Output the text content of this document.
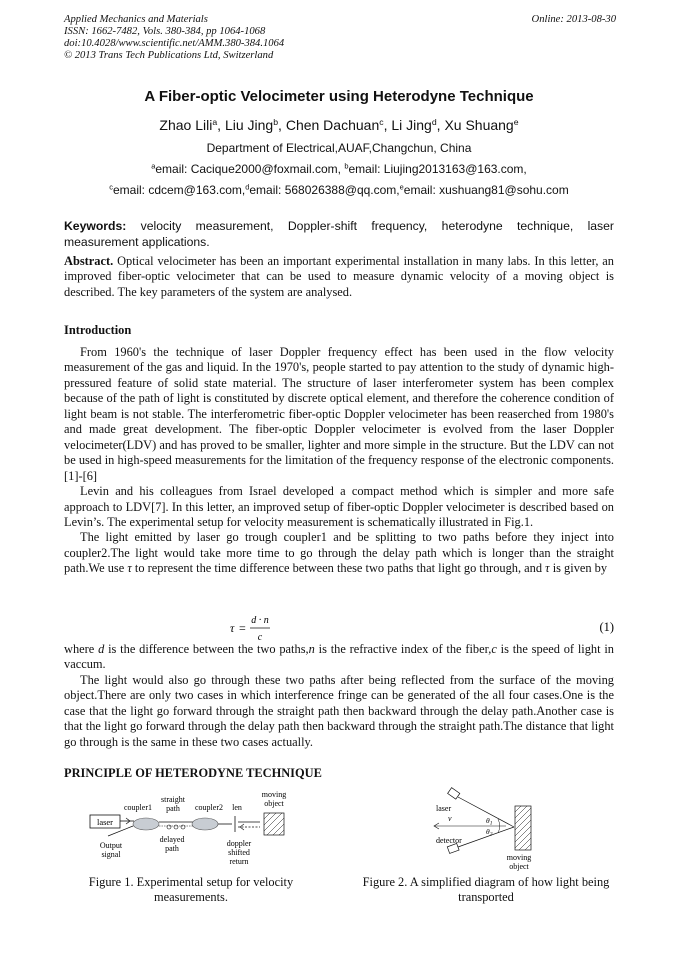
Applied Mechanics and Materials
ISSN: 1662-7482, Vols. 380-384, pp 1064-1068
doi:10.4028/www.scientific.net/AMM.380-384.1064
© 2013 Trans Tech Publications Ltd, Switzerland
Online: 2013-08-30
A Fiber-optic Velocimeter using Heterodyne Technique
Zhao Lili$^a$, Liu Jing$^b$, Chen Dachuan$^c$, Li Jing$^d$, Xu Shuang$^e$
Department of Electrical,AUAF,Changchun, China
$^a$email: Cacique2000@foxmail.com, $^b$email: Liujing2013163@163.com,
$^c$email: cdcem@163.com,$^d$email: 568026388@qq.com,$^e$email: xushuang81@sohu.com
Keywords: velocity measurement, Doppler-shift frequency, heterodyne technique, laser measurement applications.
Abstract. Optical velocimeter has been an important experimental installation in many labs. In this letter, an improved fiber-optic velocimeter that can be used to measure dynamic velocity of a moving object is described. The key parameters of the system are analysed.
Introduction

From 1960's the technique of laser Doppler frequency effect has been used in the flow velocity measurement of the gas and liquid. In the 1970's, people started to pay attention to the study of dynamic high-pressured feature of solid state material. The structure of laser interferometer system has been complex because of the path of light is constituted by discrete optical element, and therefore the coherence condition of light beam is not stable. The interferometric fiber-optic Doppler velocimeter has been reaserched from 1980's and made great development. The fiber-optic Doppler velocimeter is evolved from the laser Doppler velocimeter(LDV) and has proved to be smaller, lighter and more simple in the structure. But the LDV can not be used in high-speed measurements for the limitation of the frequency response of the electronic components. [1]-[6]

Levin and his colleagues from Israel developed a compact method which is simpler and more safe approach to LDV[7]. In this letter, an improved setup of fiber-optic Doppler velocimeter is described based on Levin’s. The experimental setup for velocity measurement is schematically illustrated in Fig.1.

The light emitted by laser go trough coupler1 and be splitting to two paths before they inject into coupler2.The light would take more time to go through the delay path which is longer than the straight path.We use τ to represent the time difference between these two paths that light go through, and τ is given by

τ =
d · n
c
(1)

where d is the difference between the two paths,n is the refractive index of the fiber,c is the speed of light in vaccum.

The light would also go through these two paths after being reflected from the surface of the moving object.There are only two cases in which interference fringe can be generated of the all four cases.One is the case that the light go forward through the straight path then backward through the delay path.Another case is that the light go forward through the delay path then backward through the straight path.The distance that light go through is the same in these two cases actually.

PRINCIPLE OF HETERODYNE TECHNIQUE
laser
coupler1
straight
path coupler2 len
moving
object
Output
signal
delayed
path
doppler
shifted
return
Figure 1. Experimental setup for velocity measurements.
laser
v	$\theta_1$
$\theta_2$
detector
moving
object
Figure 2. A simplified diagram of how light being transported
